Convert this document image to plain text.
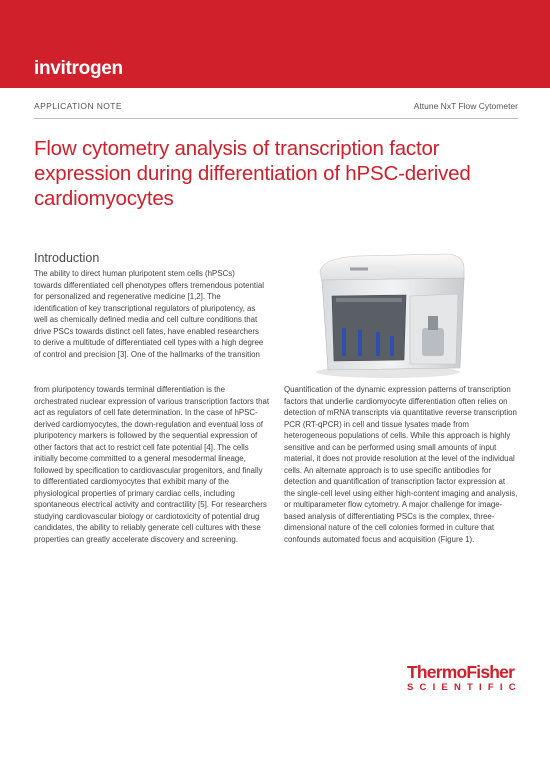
invitrogen
APPLICATION NOTE	Attune NxT Flow Cytometer
Flow cytometry analysis of transcription factor expression during differentiation of hPSC-derived cardiomyocytes
Introduction

The ability to direct human pluripotent stem cells (hPSCs) towards differentiated cell phenotypes offers tremendous potential for personalized and regenerative medicine [1,2]. The identification of key transcriptional regulators of pluripotency, as well as chemically defined media and cell culture conditions that drive PSCs towards distinct cell fates, have enabled researchers to derive a multitude of differentiated cell types with a high degree of control and precision [3]. One of the hallmarks of the transition

from pluripotency towards terminal differentiation is the orchestrated nuclear expression of various transcription factors that act as regulators of cell fate determination. In the case of hPSC-derived cardiomyocytes, the down-regulation and eventual loss of pluripotency markers is followed by the sequential expression of other factors that act to restrict cell fate potential [4]. The cells initially become committed to a general mesodermal lineage, followed by specification to cardiovascular progenitors, and finally to differentiated cardiomyocytes that exhibit many of the physiological properties of primary cardiac cells, including spontaneous electrical activity and contractility [5]. For researchers studying cardiovascular biology or cardiotoxicity of potential drug candidates, the ability to reliably generate cell cultures with these properties can greatly accelerate discovery and screening.

Quantification of the dynamic expression patterns of transcription factors that underlie cardiomyocyte differentiation often relies on detection of mRNA transcripts via quantitative reverse transcription PCR (RT-qPCR) in cell and tissue lysates made from heterogeneous populations of cells. While this approach is highly sensitive and can be performed using small amounts of input material, it does not provide resolution at the level of the individual cells. An alternate approach is to use specific antibodies for detection and quantification of transcription factor expression at the single-cell level using either high-content imaging and analysis, or multiparameter flow cytometry. A major challenge for image-based analysis of differentiating PSCs is the complex, three-dimensional nature of the cell colonies formed in culture that confounds automated focus and acquisition (Figure 1).

ThermoFisher
SCIENTIFIC
